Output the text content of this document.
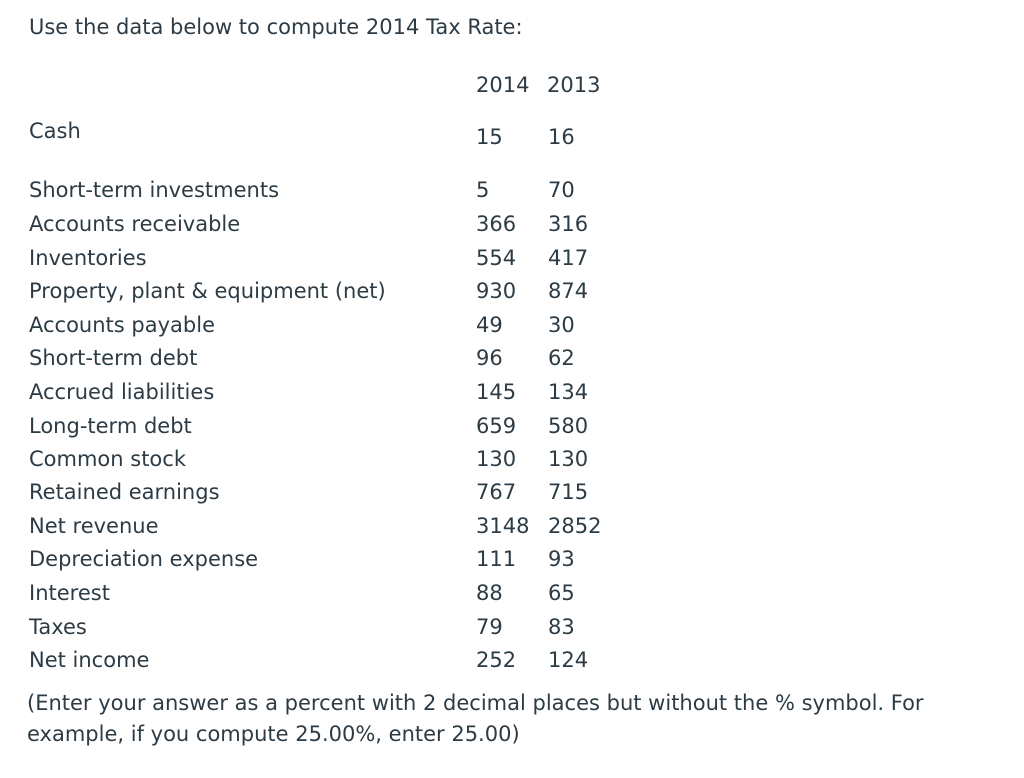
Use the data below to compute 2014 Tax Rate:
2014 2013
Cash	15 16
Short-term investments	5	70
Accounts receivable	366 316
Inventories	554 417
Property, plant & equipment (net)	930 874
Accounts payable	49 30
Short-term debt	96 62
Accrued liabilities	145 134
Long-term debt	659 580
Common stock	130 130
Retained earnings	767 715
Net revenue	3148 2852
Depreciation expense	111 93
Interest	88 65
Taxes	79 83
Net income	252 124
(Enter your answer as a percent with 2 decimal places but without the % symbol. For example, if you compute 25.00%, enter 25.00)
